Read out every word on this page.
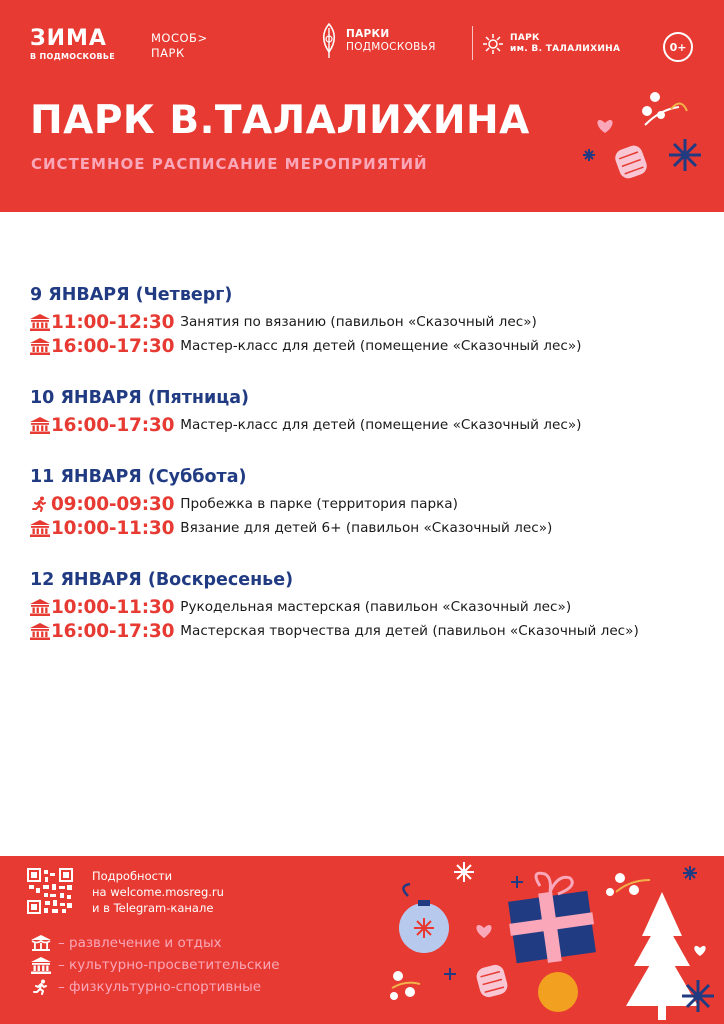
ЗИМА
В ПОДМОСКОВЬЕ
МОСОБ>
ПАРК
ПАРКИ
ПОДМОСКОВЬЯ
ПАРК
им. В. ТАЛАЛИХИНА	0+
ПАРК В.ТАЛАЛИХИНА
СИСТЕМНОЕ РАСПИСАНИЕ МЕРОПРИЯТИЙ
9 ЯНВАРЯ (Четверг)
11:00-12:30 Занятия по вязанию (павильон «Сказочный лес»)
16:00-17:30 Мастер-класс для детей (помещение «Сказочный лес»)
10 ЯНВАРЯ (Пятница)
16:00-17:30 Мастер-класс для детей (помещение «Сказочный лес»)
11 ЯНВАРЯ (Суббота)
09:00-09:30 Пробежка в парке (территория парка)
10:00-11:30 Вязание для детей 6+ (павильон «Сказочный лес»)
12 ЯНВАРЯ (Воскресенье)
10:00-11:30 Рукодельная мастерская (павильон «Сказочный лес»)
16:00-17:30 Мастерская творчества для детей (павильон «Сказочный лес»)
Подробности
на welcome.mosreg.ru
и в Telegram-канале
– развлечение и отдых
– культурно-просветительские
– физкультурно-спортивные
